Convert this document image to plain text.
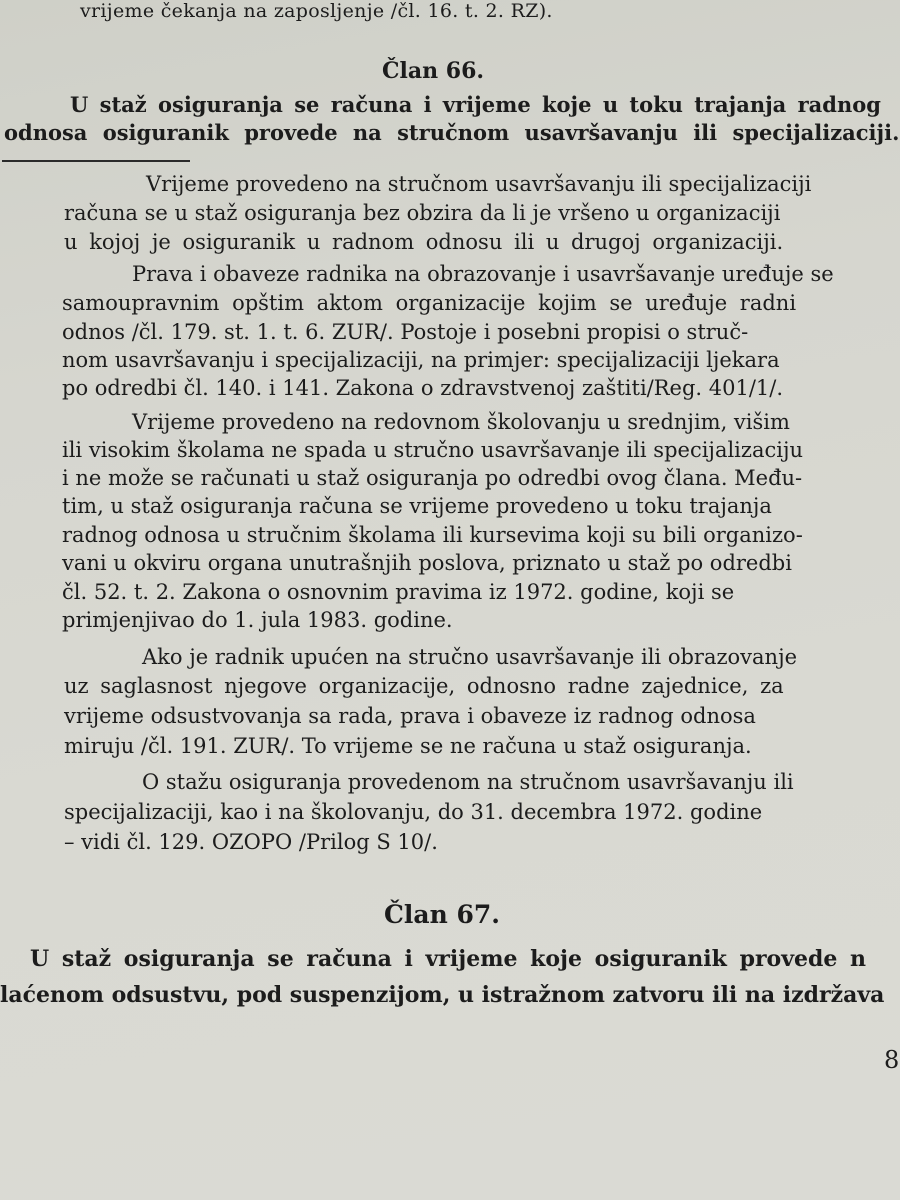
vrijeme čekanja na zaposljenje /čl. 16. t. 2. RZ).
Član 66.
U staž osiguranja se računa i vrijeme koje u toku trajanja radnog
odnosa osiguranik provede na stručnom usavršavanju ili specijalizaciji.
Vrijeme provedeno na stručnom usavršavanju ili specijalizaciji
računa se u staž osiguranja bez obzira da li je vršeno u organizaciji
u kojoj je osiguranik u radnom odnosu ili u drugoj organizaciji.
Prava i obaveze radnika na obrazovanje i usavršavanje uređuje se
samoupravnim opštim aktom organizacije kojim se uređuje radni
odnos /čl. 179. st. 1. t. 6. ZUR/. Postoje i posebni propisi o struč-
nom usavršavanju i specijalizaciji, na primjer: specijalizaciji ljekara
po odredbi čl. 140. i 141. Zakona o zdravstvenoj zaštiti/Reg. 401/1/.
Vrijeme provedeno na redovnom školovanju u srednjim, višim
ili visokim školama ne spada u stručno usavršavanje ili specijalizaciju
i ne može se računati u staž osiguranja po odredbi ovog člana. Među-
tim, u staž osiguranja računa se vrijeme provedeno u toku trajanja
radnog odnosa u stručnim školama ili kursevima koji su bili organizo-
vani u okviru organa unutrašnjih poslova, priznato u staž po odredbi
čl. 52. t. 2. Zakona o osnovnim pravima iz 1972. godine, koji se
primjenjivao do 1. jula 1983. godine.
Ako je radnik upućen na stručno usavršavanje ili obrazovanje
uz saglasnost njegove organizacije, odnosno radne zajednice, za
vrijeme odsustvovanja sa rada, prava i obaveze iz radnog odnosa
miruju /čl. 191. ZUR/. To vrijeme se ne računa u staž osiguranja.
O stažu osiguranja provedenom na stručnom usavršavanju ili
specijalizaciji, kao i na školovanju, do 31. decembra 1972. godine
– vidi čl. 129. OZOPO /Prilog S 10/.
Član 67.
U staž osiguranja se računa i vrijeme koje osiguranik provede n
laćenom odsustvu, pod suspenzijom, u istražnom zatvoru ili na izdržava
8
